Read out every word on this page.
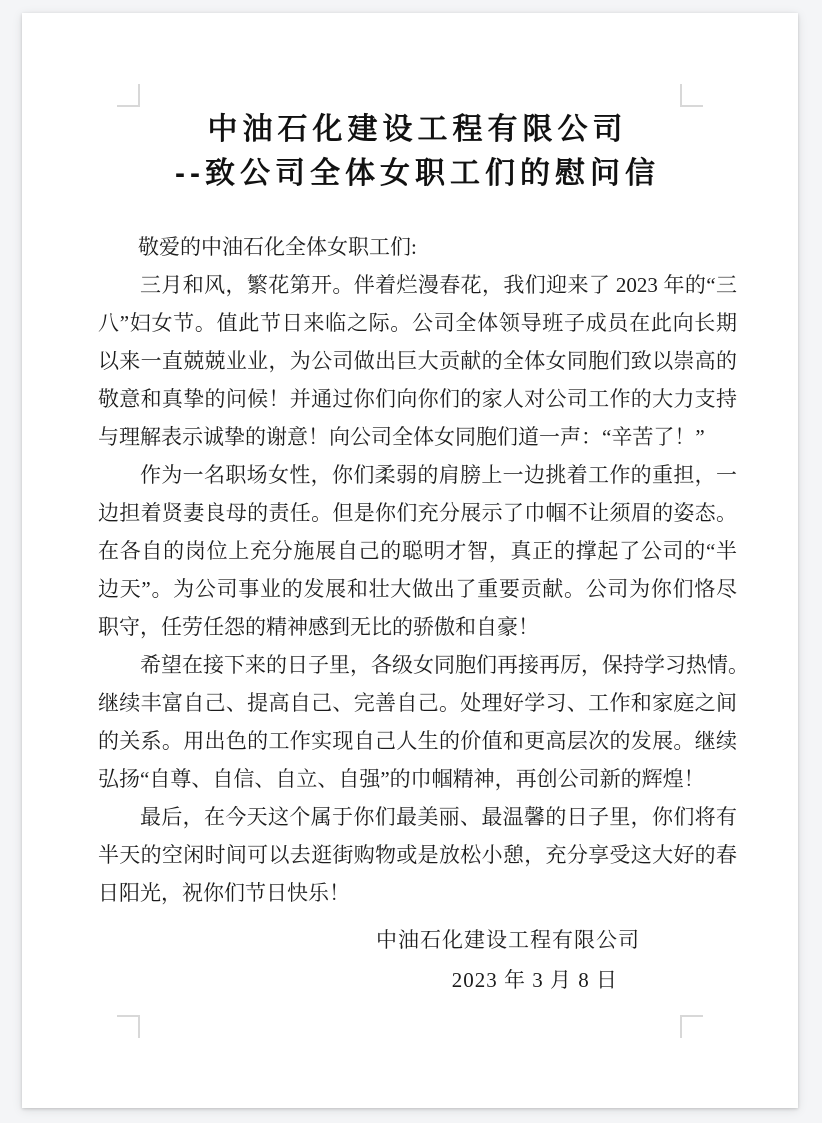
中油石化建设工程有限公司
--致公司全体女职工们的慰问信
敬爱的中油石化全体女职工们:
三月和风，繁花第开。伴着烂漫春花，我们迎来了 2023 年的“三
八”妇女节。值此节日来临之际。公司全体领导班子成员在此向长期
以来一直兢兢业业，为公司做出巨大贡献的全体女同胞们致以崇高的
敬意和真挚的问候！并通过你们向你们的家人对公司工作的大力支持
与理解表示诚挚的谢意！向公司全体女同胞们道一声：“辛苦了！”
作为一名职场女性，你们柔弱的肩膀上一边挑着工作的重担，一
边担着贤妻良母的责任。但是你们充分展示了巾帼不让须眉的姿态。
在各自的岗位上充分施展自己的聪明才智，真正的撑起了公司的“半
边天”。为公司事业的发展和壮大做出了重要贡献。公司为你们恪尽
职守，任劳任怨的精神感到无比的骄傲和自豪！
希望在接下来的日子里，各级女同胞们再接再厉，保持学习热情。
继续丰富自己、提高自己、完善自己。处理好学习、工作和家庭之间
的关系。用出色的工作实现自己人生的价值和更高层次的发展。继续
弘扬“自尊、自信、自立、自强”的巾帼精神，再创公司新的辉煌！
最后，在今天这个属于你们最美丽、最温馨的日子里，你们将有
半天的空闲时间可以去逛街购物或是放松小憩，充分享受这大好的春
日阳光，祝你们节日快乐！
中油石化建设工程有限公司
2023 年 3 月 8 日
